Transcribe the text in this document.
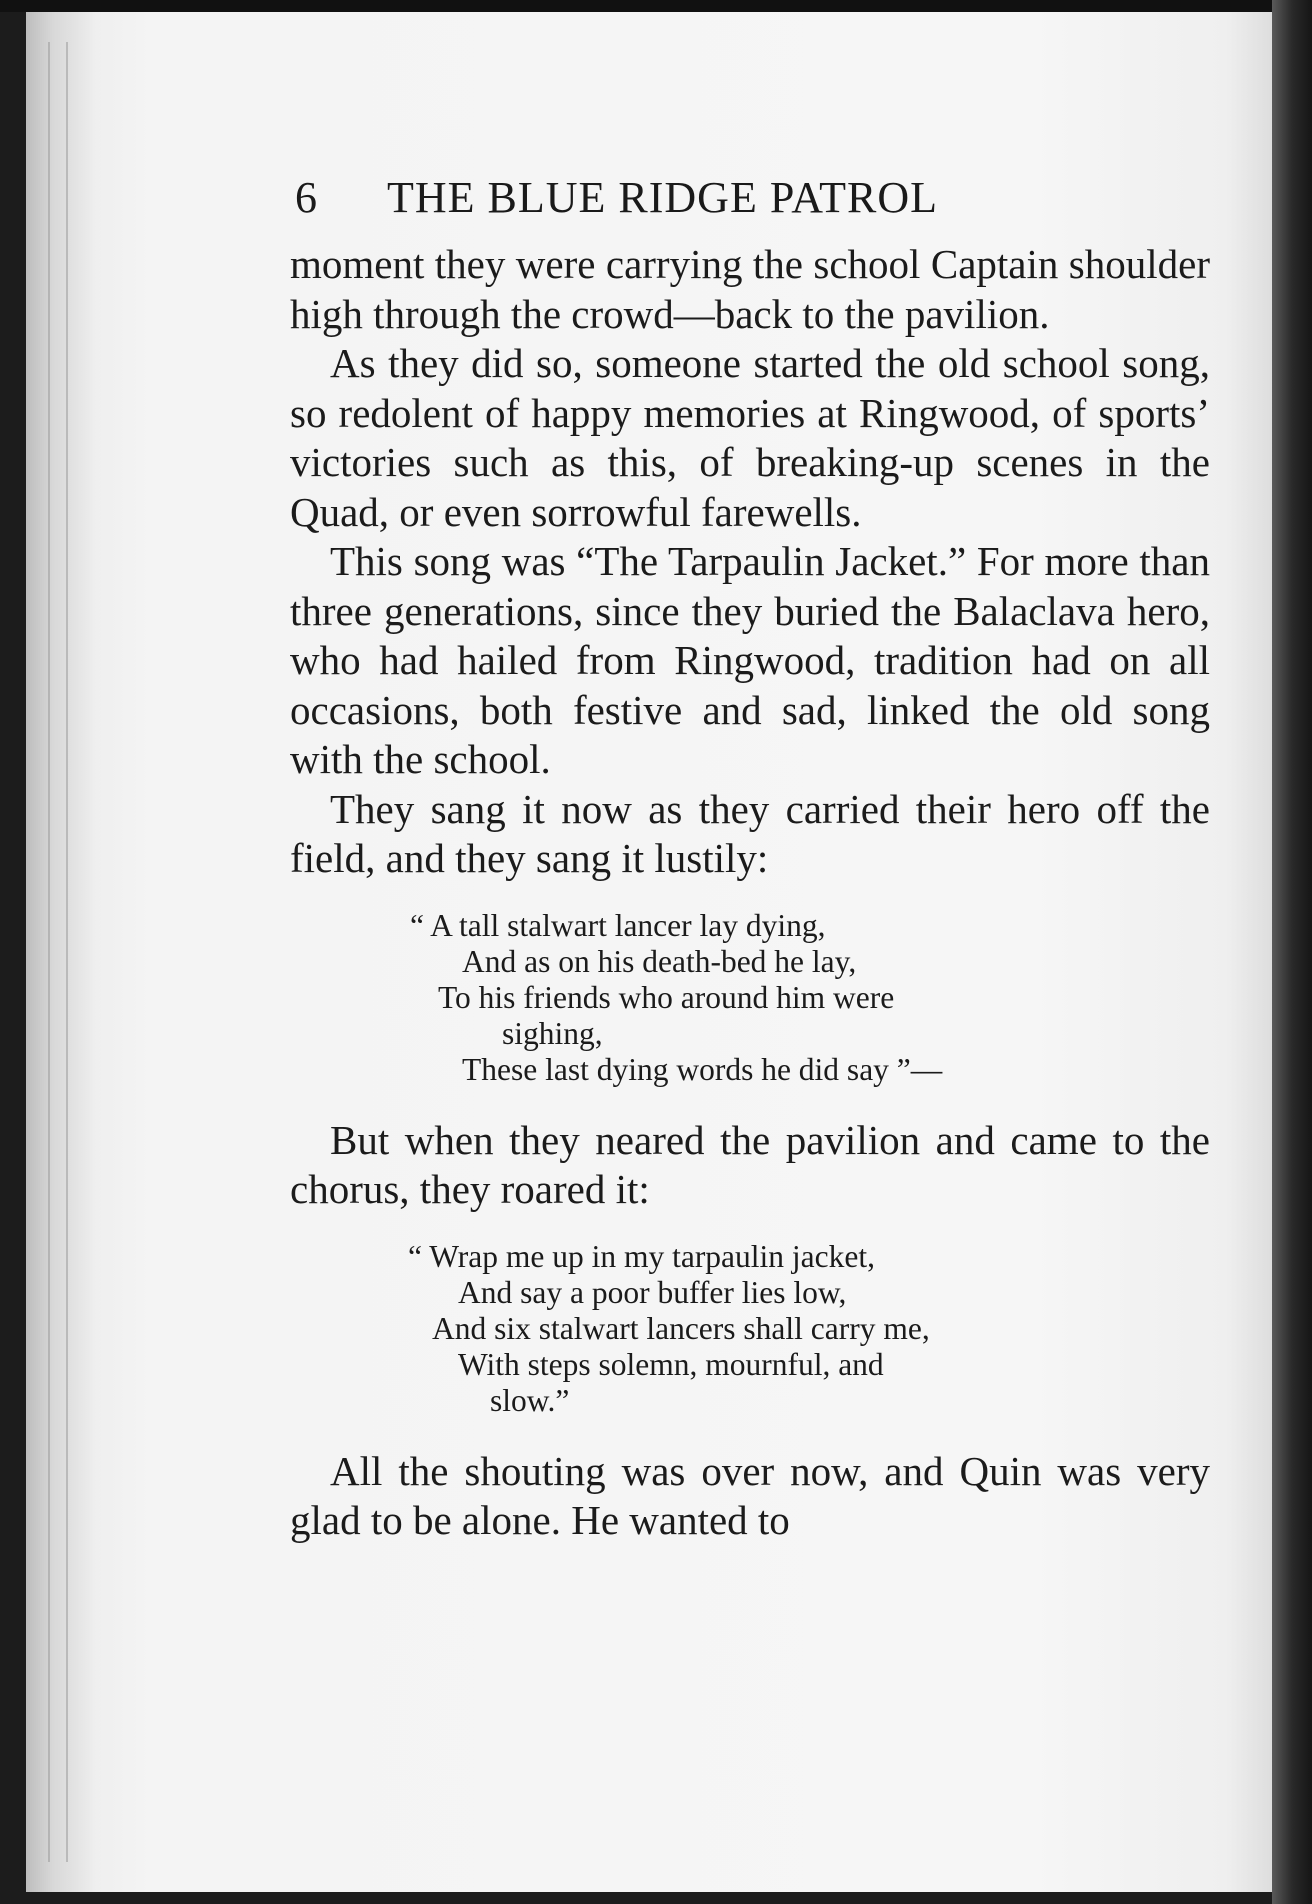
6 THE BLUE RIDGE PATROL

moment they were carrying the school Captain shoulder high through the crowd—back to the pavilion.

As they did so, someone started the old school song, so redolent of happy memories at Ringwood, of sports’ victories such as this, of breaking-up scenes in the Quad, or even sorrowful farewells.

This song was “The Tarpaulin Jacket.” For more than three generations, since they buried the Balaclava hero, who had hailed from Ringwood, tradition had on all occasions, both festive and sad, linked the old song with the school.

They sang it now as they carried their hero off the field, and they sang it lustily:

“ A tall stalwart lancer lay dying,
And as on his death-bed he lay,
To his friends who around him were
sighing,
These last dying words he did say ”—

But when they neared the pavilion and came to the chorus, they roared it:

“ Wrap me up in my tarpaulin jacket,
And say a poor buffer lies low,
And six stalwart lancers shall carry me,
With steps solemn, mournful, and
slow.”

All the shouting was over now, and Quin was very glad to be alone. He wanted to
